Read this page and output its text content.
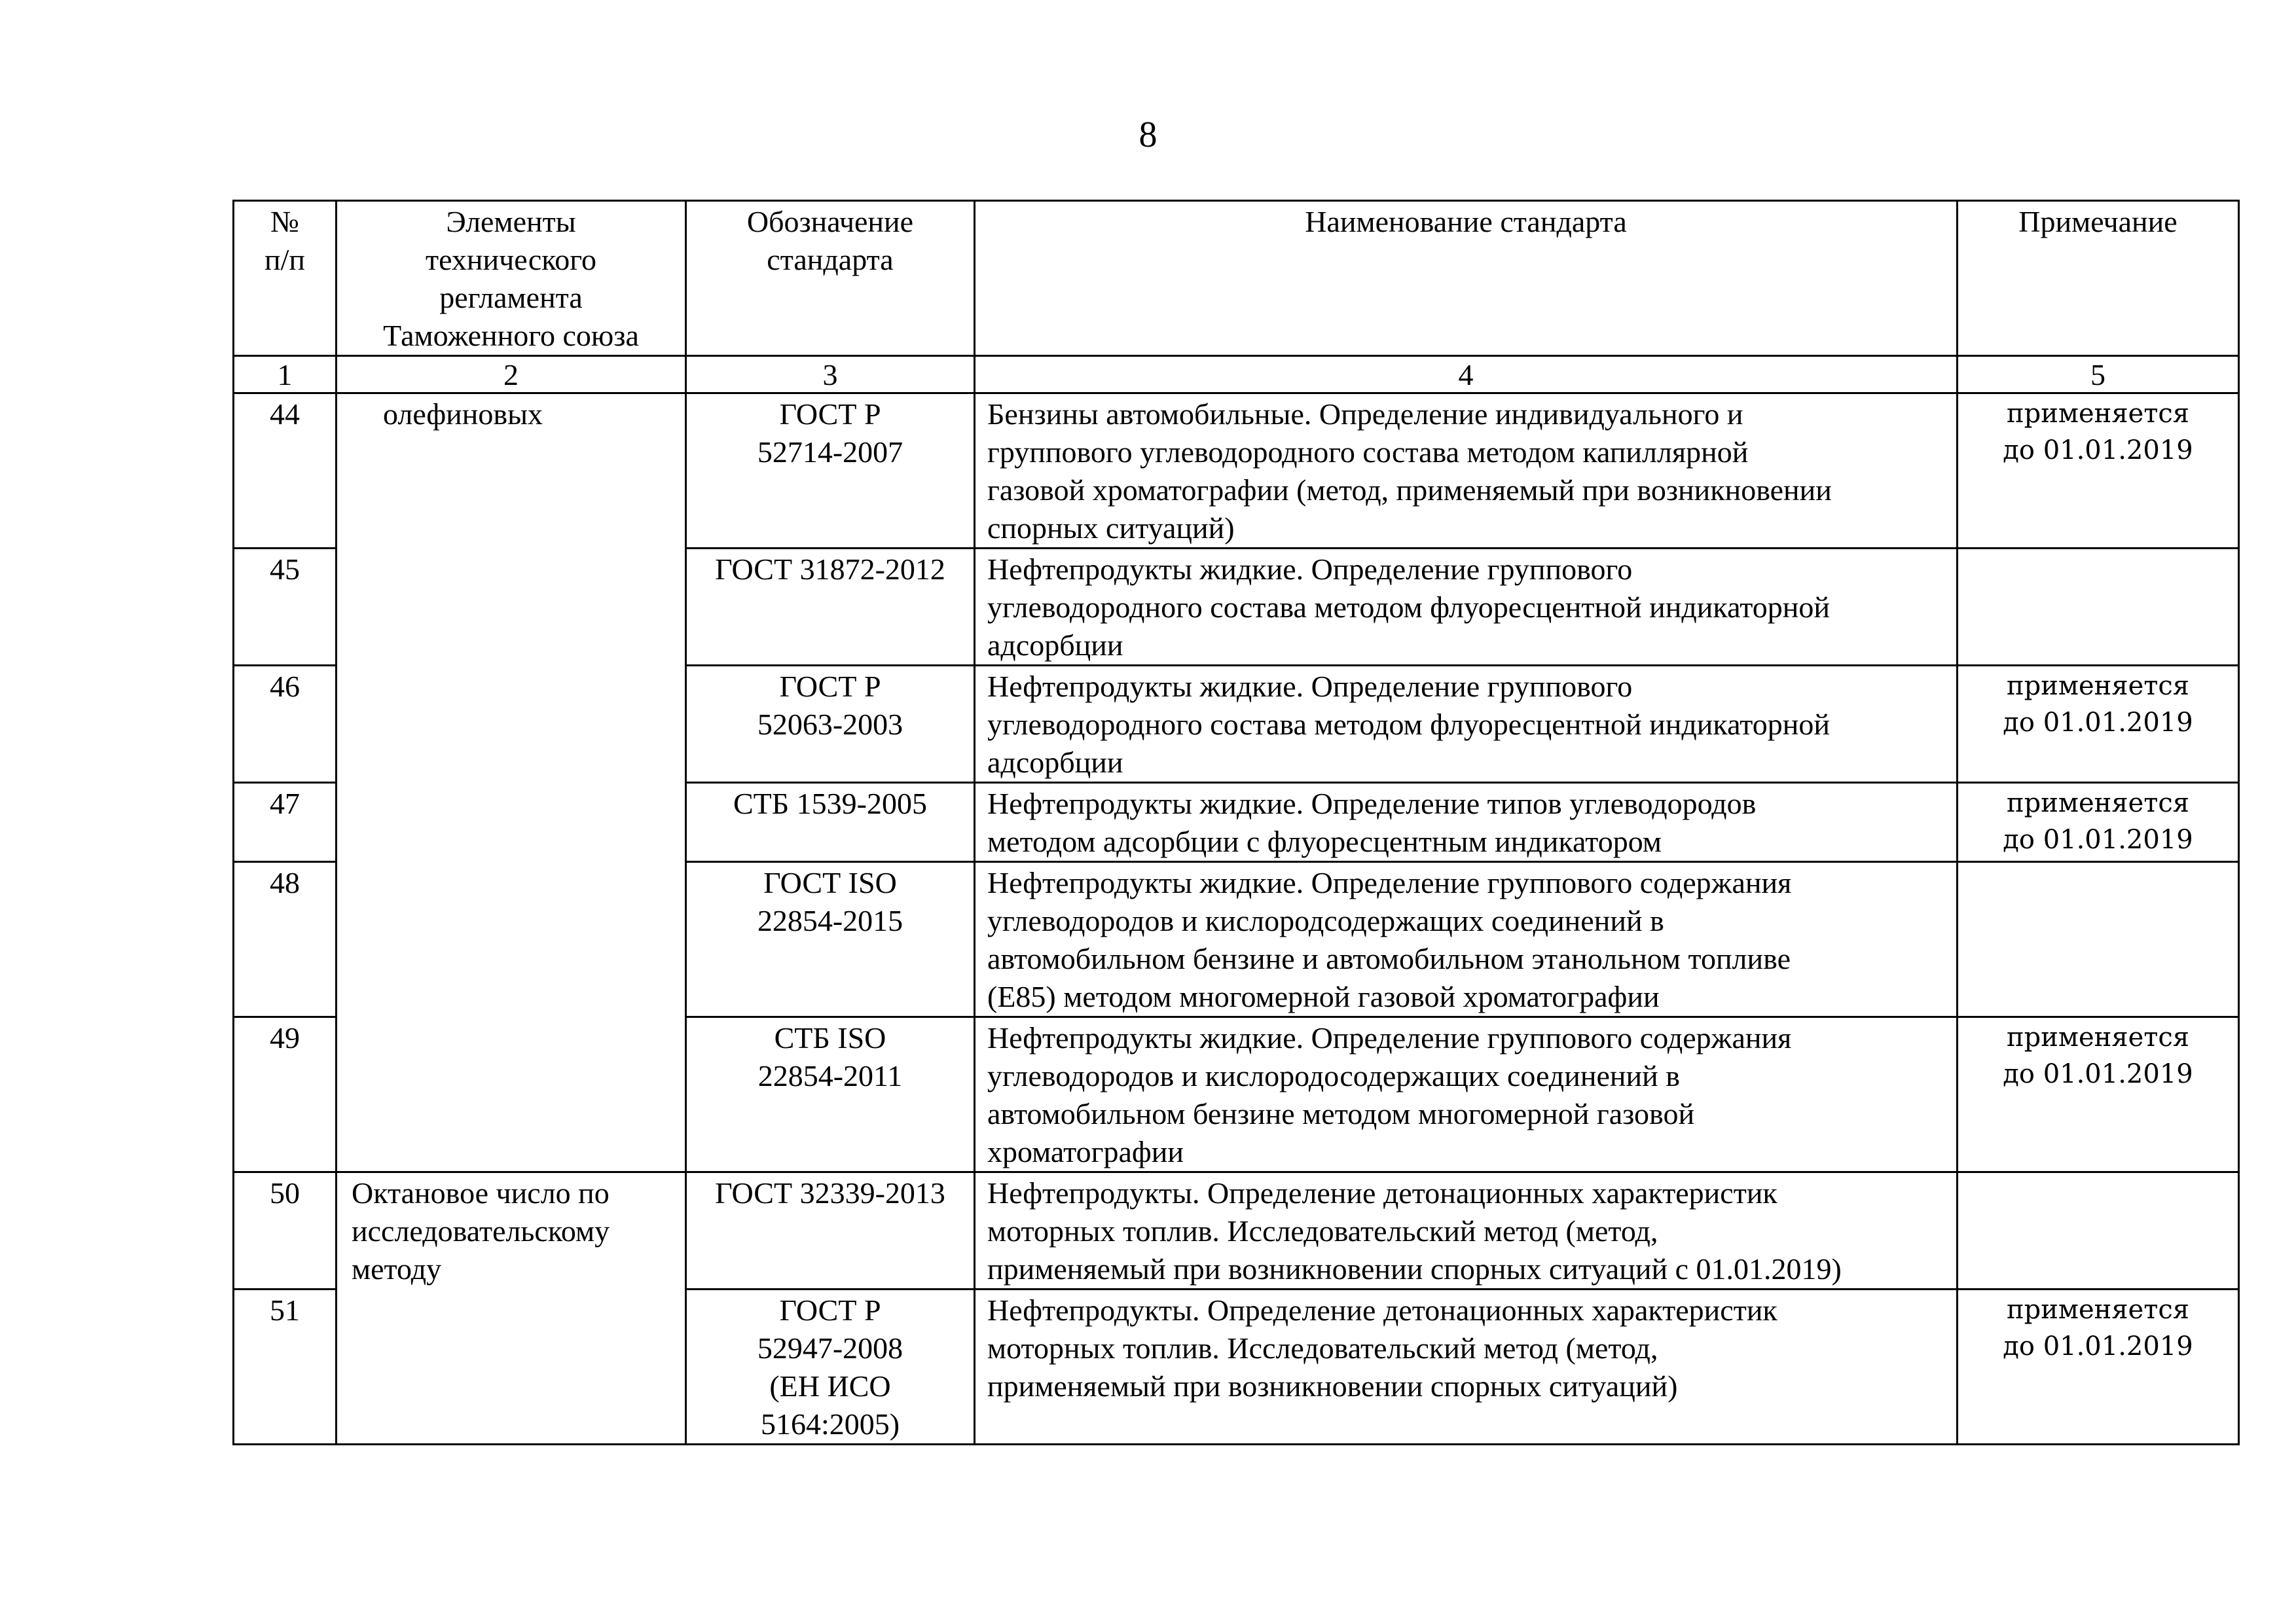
8
№
п/п	Элементы
технического
регламента
Таможенного союза	Обозначение
стандарта	Наименование стандарта	Примечание

1	2	3	4	5
44	олефиновых	ГОСТ Р
52714-2007	Бензины автомобильные. Определение индивидуального и
группового углеводородного состава методом капиллярной
газовой хроматографии (метод, применяемый при возникновении
спорных ситуаций)	применяется
до 01.01.2019

45		ГОСТ 31872-2012	Нефтепродукты жидкие. Определение группового
углеводородного состава методом флуоресцентной индикаторной
адсорбции	

46		ГОСТ Р
52063-2003	Нефтепродукты жидкие. Определение группового
углеводородного состава методом флуоресцентной индикаторной
адсорбции	применяется
до 01.01.2019

47		СТБ 1539-2005	Нефтепродукты жидкие. Определение типов углеводородов
методом адсорбции с флуоресцентным индикатором	применяется
до 01.01.2019

48		ГОСТ ISO
22854-2015	Нефтепродукты жидкие. Определение группового содержания
углеводородов и кислородсодержащих соединений в
автомобильном бензине и автомобильном этанольном топливе
(Е85) методом многомерной газовой хроматографии	

49		СТБ ISO
22854-2011	Нефтепродукты жидкие. Определение группового содержания
углеводородов и кислородосодержащих соединений в
автомобильном бензине методом многомерной газовой
хроматографии	применяется
до 01.01.2019

50	Октановое число по
исследовательскому
методу	ГОСТ 32339-2013	Нефтепродукты. Определение детонационных характеристик
моторных топлив. Исследовательский метод (метод,
применяемый при возникновении спорных ситуаций с 01.01.2019)	

51		ГОСТ Р
52947-2008
(ЕН ИСО
5164:2005)	Нефтепродукты. Определение детонационных характеристик
моторных топлив. Исследовательский метод (метод,
применяемый при возникновении спорных ситуаций)	применяется
до 01.01.2019
